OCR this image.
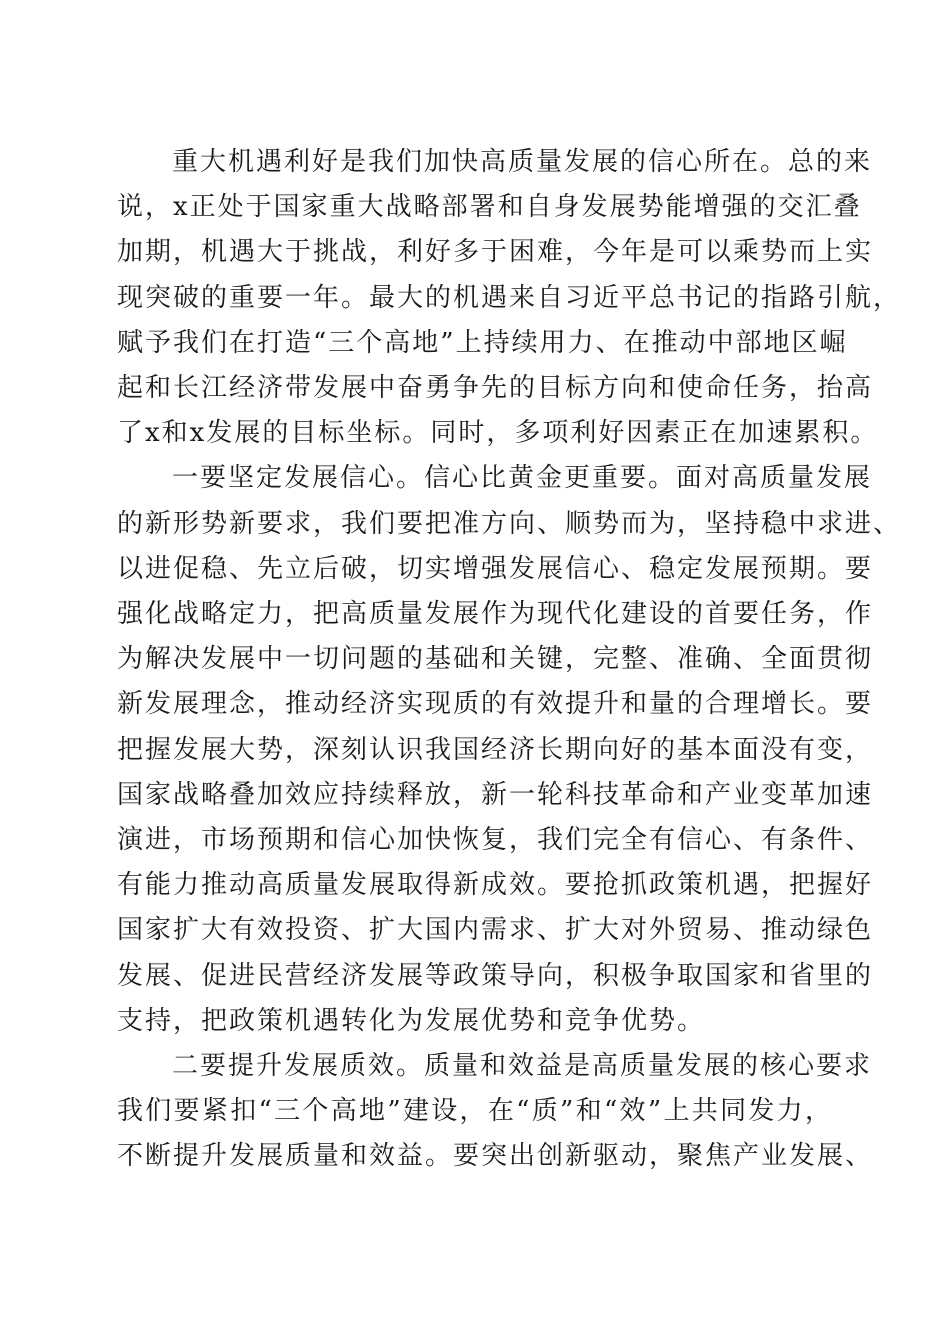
重大机遇利好是我们加快高质量发展的信心所在。总的来
说，x正处于国家重大战略部署和自身发展势能增强的交汇叠
加期，机遇大于挑战，利好多于困难，今年是可以乘势而上实
现突破的重要一年。最大的机遇来自习近平总书记的指路引航，
赋予我们在打造“三个高地”上持续用力、在推动中部地区崛
起和长江经济带发展中奋勇争先的目标方向和使命任务，抬高
了x和x发展的目标坐标。同时，多项利好因素正在加速累积。

一要坚定发展信心。信心比黄金更重要。面对高质量发展
的新形势新要求，我们要把准方向、顺势而为，坚持稳中求进、
以进促稳、先立后破，切实增强发展信心、稳定发展预期。要
强化战略定力，把高质量发展作为现代化建设的首要任务，作
为解决发展中一切问题的基础和关键，完整、准确、全面贯彻
新发展理念，推动经济实现质的有效提升和量的合理增长。要
把握发展大势，深刻认识我国经济长期向好的基本面没有变，
国家战略叠加效应持续释放，新一轮科技革命和产业变革加速
演进，市场预期和信心加快恢复，我们完全有信心、有条件、
有能力推动高质量发展取得新成效。要抢抓政策机遇，把握好
国家扩大有效投资、扩大国内需求、扩大对外贸易、推动绿色
发展、促进民营经济发展等政策导向，积极争取国家和省里的
支持，把政策机遇转化为发展优势和竞争优势。

二要提升发展质效。质量和效益是高质量发展的核心要求
我们要紧扣“三个高地”建设，在“质”和“效”上共同发力，
不断提升发展质量和效益。要突出创新驱动，聚焦产业发展、
